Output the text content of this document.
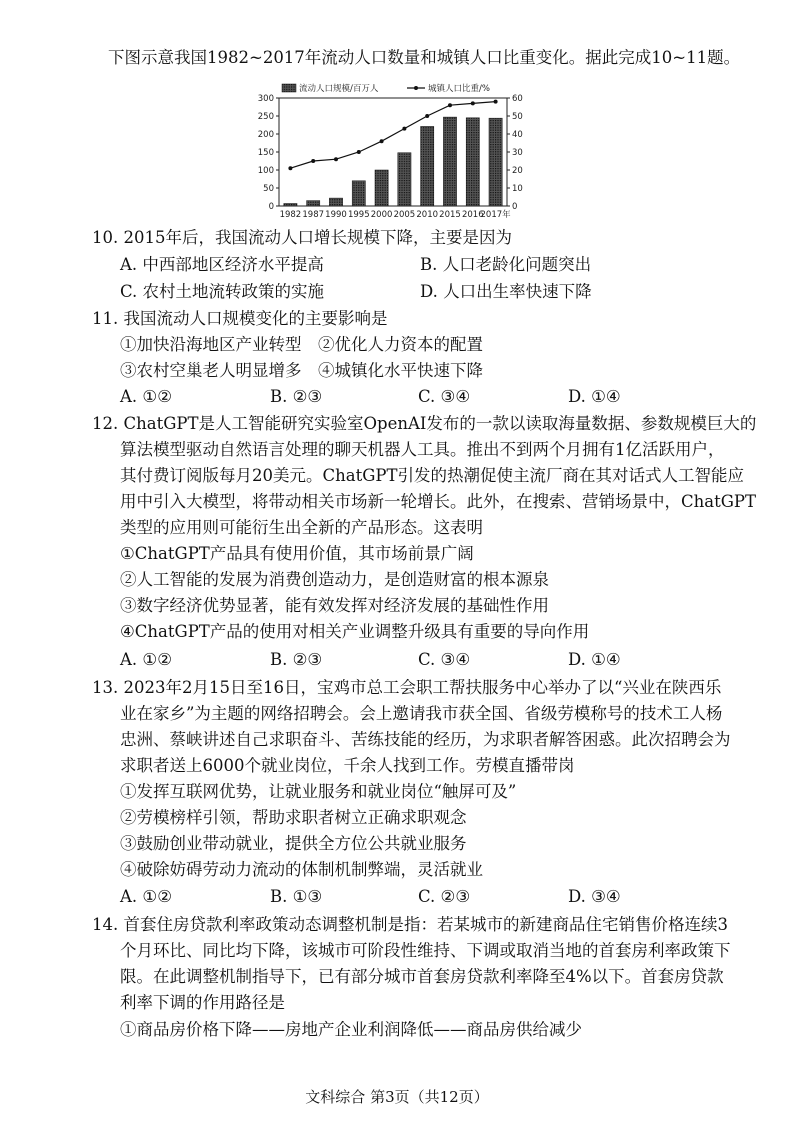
下图示意我国1982~2017年流动人口数量和城镇人口比重变化。据此完成10~11题。
流动人口规模/百万人	城镇人口比重/%
0
50
100
150
200
250
300
0
10
20
30
40
50
60
1982 1987 1990 1995 2000 2005 2010 2015 2016
2017年
10. 2015年后，我国流动人口增长规模下降，主要是因为
A. 中西部地区经济水平提高	B. 人口老龄化问题突出
C. 农村土地流转政策的实施	D. 人口出生率快速下降
11. 我国流动人口规模变化的主要影响是
①加快沿海地区产业转型 ②优化人力资本的配置
③农村空巢老人明显增多 ④城镇化水平快速下降
A. ①②	B. ②③	C. ③④	D. ①④
12. ChatGPT是人工智能研究实验室OpenAI发布的一款以读取海量数据、参数规模巨大的
算法模型驱动自然语言处理的聊天机器人工具。推出不到两个月拥有1亿活跃用户，
其付费订阅版每月20美元。ChatGPT引发的热潮促使主流厂商在其对话式人工智能应
用中引入大模型，将带动相关市场新一轮增长。此外，在搜索、营销场景中，ChatGPT
类型的应用则可能衍生出全新的产品形态。这表明
①ChatGPT产品具有使用价值，其市场前景广阔
②人工智能的发展为消费创造动力，是创造财富的根本源泉
③数字经济优势显著，能有效发挥对经济发展的基础性作用
④ChatGPT产品的使用对相关产业调整升级具有重要的导向作用
A. ①②	B. ②③	C. ③④	D. ①④
13. 2023年2月15日至16日，宝鸡市总工会职工帮扶服务中心举办了以“兴业在陕西乐
业在家乡”为主题的网络招聘会。会上邀请我市获全国、省级劳模称号的技术工人杨
忠洲、蔡峡讲述自己求职奋斗、苦练技能的经历，为求职者解答困惑。此次招聘会为
求职者送上6000个就业岗位，千余人找到工作。劳模直播带岗
①发挥互联网优势，让就业服务和就业岗位“触屏可及”
②劳模榜样引领，帮助求职者树立正确求职观念
③鼓励创业带动就业，提供全方位公共就业服务
④破除妨碍劳动力流动的体制机制弊端，灵活就业
A. ①②	B. ①③	C. ②③	D. ③④
14. 首套住房贷款利率政策动态调整机制是指：若某城市的新建商品住宅销售价格连续3
个月环比、同比均下降，该城市可阶段性维持、下调或取消当地的首套房利率政策下
限。在此调整机制指导下，已有部分城市首套房贷款利率降至4%以下。首套房贷款
利率下调的作用路径是
①商品房价格下降——房地产企业利润降低——商品房供给减少
文科综合 第3页（共12页）
